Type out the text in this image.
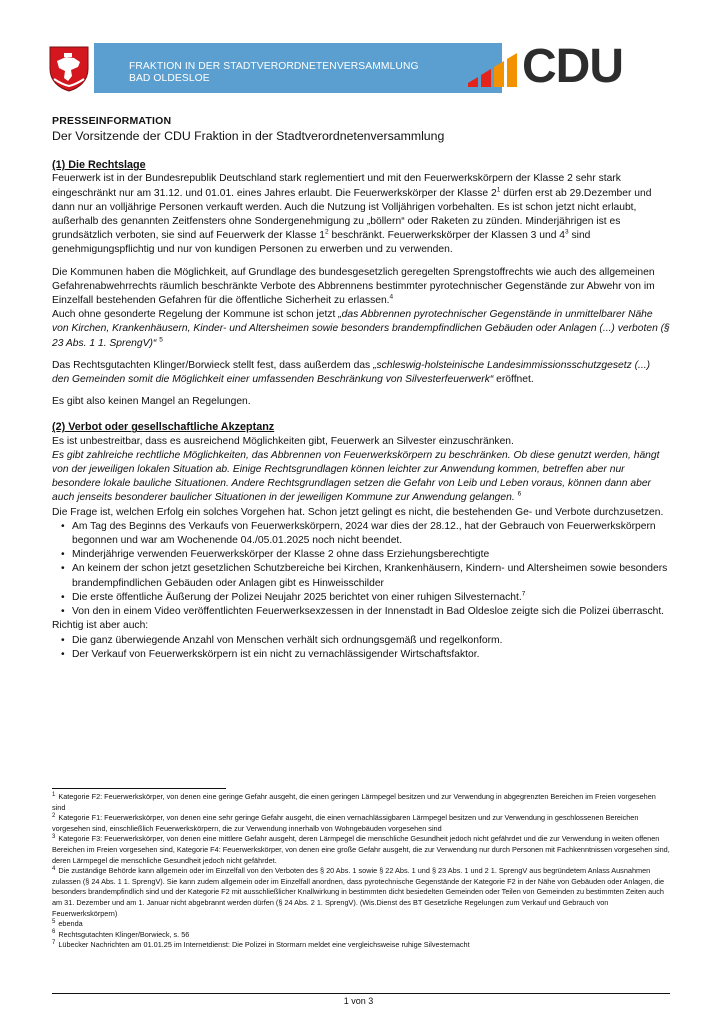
FRAKTION IN DER STADTVERORDNETENVERSAMMLUNG
BAD OLDESLOE	CDU

PRESSEINFORMATION

Der Vorsitzende der CDU Fraktion in der Stadtverordnetenversammlung

(1) Die Rechtslage

Feuerwerk ist in der Bundesrepublik Deutschland stark reglementiert und mit den Feuerwerkskörpern der Klasse 2 sehr stark eingeschränkt nur am 31.12. und 01.01. eines Jahres erlaubt. Die Feuerwerkskörper der Klasse $2^1$ dürfen erst ab 29.Dezember und dann nur an volljährige Personen verkauft werden. Auch die Nutzung ist Volljährigen vorbehalten. Es ist schon jetzt nicht erlaubt, außerhalb des genannten Zeitfensters ohne Sondergenehmigung zu „böllern“ oder Raketen zu zünden. Minderjährigen ist es grundsätzlich verboten, sie sind auf Feuerwerk der Klasse $1^2$ beschränkt. Feuerwerkskörper der Klassen 3 und $4^3$ sind genehmigungspflichtig und nur von kundigen Personen zu erwerben und zu verwenden.

Die Kommunen haben die Möglichkeit, auf Grundlage des bundesgesetzlich geregelten Sprengstoffrechts wie auch des allgemeinen Gefahrenabwehrrechts räumlich beschränkte Verbote des Abbrennens bestimmter pyrotechnischer Gegenstände zur Abwehr von im Einzelfall bestehenden Gefahren für die öffentliche Sicherheit zu erlassen.$^4$

Auch ohne gesonderte Regelung der Kommune ist schon jetzt „das Abbrennen pyrotechnischer Gegenstände in unmittelbarer Nähe von Kirchen, Krankenhäusern, Kinder- und Altersheimen sowie besonders brandempfindlichen Gebäuden oder Anlagen (...) verboten (§ 23 Abs. 1 1. SprengV)“ $^5$

Das Rechtsgutachten Klinger/Borwieck stellt fest, dass außerdem das „schleswig-holsteinische Landesimmissionsschutzgesetz (...) den Gemeinden somit die Möglichkeit einer umfassenden Beschränkung von Silvesterfeuerwerk“ eröffnet.

Es gibt also keinen Mangel an Regelungen.

(2) Verbot oder gesellschaftliche Akzeptanz

Es ist unbestreitbar, dass es ausreichend Möglichkeiten gibt, Feuerwerk an Silvester einzuschränken.

Es gibt zahlreiche rechtliche Möglichkeiten, das Abbrennen von Feuerwerkskörpern zu beschränken. Ob diese genutzt werden, hängt von der jeweiligen lokalen Situation ab. Einige Rechtsgrundlagen können leichter zur Anwendung kommen, betreffen aber nur besondere lokale bauliche Situationen. Andere Rechtsgrundlagen setzen die Gefahr von Leib und Leben voraus, können dann aber auch jenseits besonderer baulicher Situationen in der jeweiligen Kommune zur Anwendung gelangen. $^6$

Die Frage ist, welchen Erfolg ein solches Vorgehen hat. Schon jetzt gelingt es nicht, die bestehenden Ge- und Verbote durchzusetzen.

• Am Tag des Beginns des Verkaufs von Feuerwerkskörpern, 2024 war dies der 28.12., hat der Gebrauch von Feuerwerkskörpern begonnen und war am Wochenende 04./05.01.2025 noch nicht beendet.
• Minderjährige verwenden Feuerwerkskörper der Klasse 2 ohne dass Erziehungsberechtigte
• An keinem der schon jetzt gesetzlichen Schutzbereiche bei Kirchen, Krankenhäusern, Kindern- und Altersheimen sowie besonders brandempfindlichen Gebäuden oder Anlagen gibt es Hinweisschilder
• Die erste öffentliche Äußerung der Polizei Neujahr 2025 berichtet von einer ruhigen Silvesternacht.$^7$
• Von den in einem Video veröffentlichten Feuerwerksexzessen in der Innenstadt in Bad Oldesloe zeigte sich die Polizei überrascht.

Richtig ist aber auch:

• Die ganz überwiegende Anzahl von Menschen verhält sich ordnungsgemäß und regelkonform.
• Der Verkauf von Feuerwerkskörpern ist ein nicht zu vernachlässigender Wirtschaftsfaktor.

$^1$ Kategorie F2: Feuerwerkskörper, von denen eine geringe Gefahr ausgeht, die einen geringen Lärmpegel besitzen und zur Verwendung in abgegrenzten Bereichen im Freien vorgesehen sind

$^2$ Kategorie F1: Feuerwerkskörper, von denen eine sehr geringe Gefahr ausgeht, die einen vernachlässigbaren Lärmpegel besitzen und zur Verwendung in geschlossenen Bereichen vorgesehen sind, einschließlich Feuerwerkskörpern, die zur Verwendung innerhalb von Wohngebäuden vorgesehen sind

$^3$ Kategorie F3: Feuerwerkskörper, von denen eine mittlere Gefahr ausgeht, deren Lärmpegel die menschliche Gesundheit jedoch nicht gefährdet und die zur Verwendung in weiten offenen Bereichen im Freien vorgesehen sind, Kategorie F4: Feuerwerkskörper, von denen eine große Gefahr ausgeht, die zur Verwendung nur durch Personen mit Fachkenntnissen vorgesehen sind, deren Lärmpegel die menschliche Gesundheit jedoch nicht gefährdet.

$^4$ Die zuständige Behörde kann allgemein oder im Einzelfall von den Verboten des § 20 Abs. 1 sowie § 22 Abs. 1 und § 23 Abs. 1 und 2 1. SprengV aus begründetem Anlass Ausnahmen zulassen (§ 24 Abs. 1 1. SprengV). Sie kann zudem allgemein oder im Einzelfall anordnen, dass pyrotechnische Gegenstände der Kategorie F2 in der Nähe von Gebäuden oder Anlagen, die besonders brandempfindlich sind und der Kategorie F2 mit ausschließlicher Knallwirkung in bestimmten dicht besiedelten Gemeinden oder Teilen von Gemeinden zu bestimmten Zeiten auch am 31. Dezember und am 1. Januar nicht abgebrannt werden dürfen (§ 24 Abs. 2 1. SprengV). (Wis.Dienst des BT Gesetzliche Regelungen zum Verkauf und Gebrauch von Feuerwerkskörpern)

$^5$ ebenda

$^6$ Rechtsgutachten Klinger/Borwieck, s. 56

$^7$ Lübecker Nachrichten am 01.01.25 im Internetdienst: Die Polizei in Stormarn meldet eine vergleichsweise ruhige Silvesternacht

1 von 3
